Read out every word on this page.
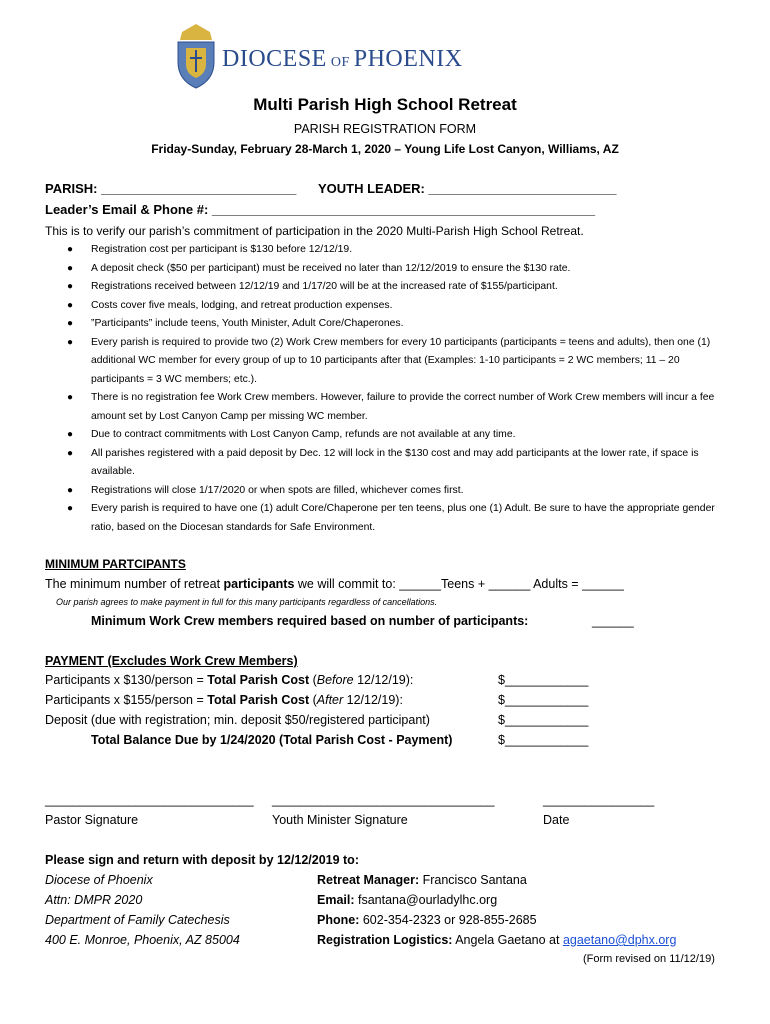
DIOCESE OF PHOENIX
Multi Parish High School Retreat
PARISH REGISTRATION FORM
Friday-Sunday, February 28-March 1, 2020 – Young Life Lost Canyon, Williams, AZ
PARISH: ___________________________ YOUTH LEADER: __________________________
Leader’s Email & Phone #: _____________________________________________________
This is to verify our parish’s commitment of participation in the 2020 Multi-Parish High School Retreat.
● Registration cost per participant is $130 before 12/12/19.
● A deposit check ($50 per participant) must be received no later than 12/12/2019 to ensure the $130 rate.
● Registrations received between 12/12/19 and 1/17/20 will be at the increased rate of $155/participant.
● Costs cover five meals, lodging, and retreat production expenses.
● ”Participants” include teens, Youth Minister, Adult Core/Chaperones.
● Every parish is required to provide two (2) Work Crew members for every 10 participants (participants = teens and adults), then one (1) additional WC member for every group of up to 10 participants after that (Examples: 1-10 participants = 2 WC members; 11 – 20 participants = 3 WC members; etc.).
● There is no registration fee Work Crew members. However, failure to provide the correct number of Work Crew members will incur a fee amount set by Lost Canyon Camp per missing WC member.
● Due to contract commitments with Lost Canyon Camp, refunds are not available at any time.
● All parishes registered with a paid deposit by Dec. 12 will lock in the $130 cost and may add participants at the lower rate, if space is available.
● Registrations will close 1/17/2020 or when spots are filled, whichever comes first.
● Every parish is required to have one (1) adult Core/Chaperone per ten teens, plus one (1) Adult. Be sure to have the appropriate gender ratio, based on the Diocesan standards for Safe Environment.
MINIMUM PARTCIPANTS
The minimum number of retreat participants we will commit to: ______Teens + ______ Adults = ______
Our parish agrees to make payment in full for this many participants regardless of cancellations.
Minimum Work Crew members required based on number of participants:	______
PAYMENT (Excludes Work Crew Members)
Participants x $130/person = Total Parish Cost (Before 12/12/19):	$____________
Participants x $155/person = Total Parish Cost (After 12/12/19):	$____________
Deposit (due with registration; min. deposit $50/registered participant)	$____________
Total Balance Due by 1/24/2020 (Total Parish Cost - Payment)	$____________
______________________________ ________________________________	________________
Pastor Signature	Youth Minister Signature	Date
Please sign and return with deposit by 12/12/2019 to:
Diocese of Phoenix
Attn: DMPR 2020
Department of Family Catechesis
400 E. Monroe, Phoenix, AZ 85004
Retreat Manager: Francisco Santana
Email: fsantana@ourladylhc.org
Phone: 602-354-2323 or 928-855-2685
Registration Logistics: Angela Gaetano at agaetano@dphx.org
(Form revised on 11/12/19)
